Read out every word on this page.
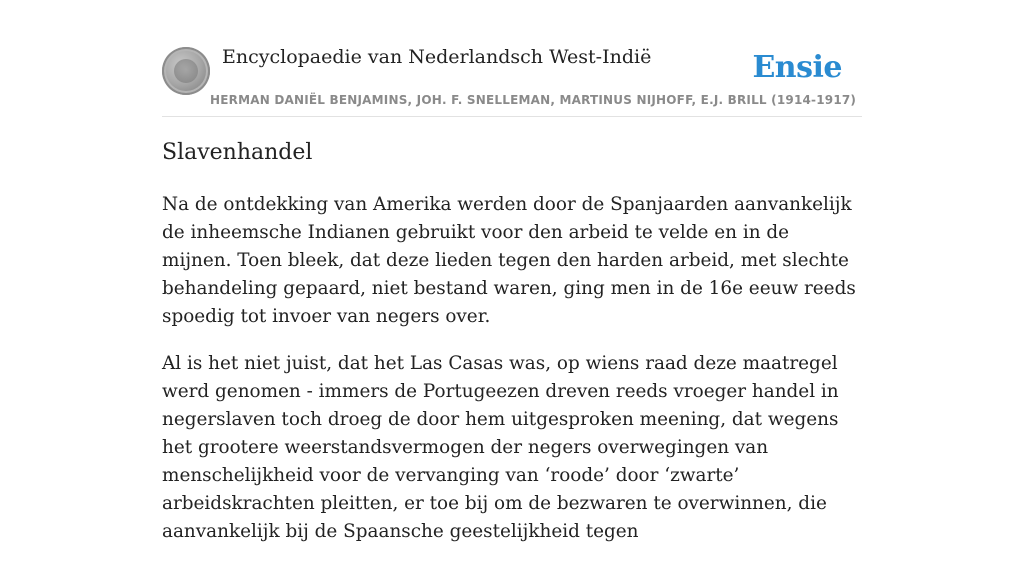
Encyclopaedie van Nederlandsch West-Indië	Ensie
HERMAN DANIËL BENJAMINS, JOH. F. SNELLEMAN, MARTINUS NIJHOFF, E.J. BRILL (1914-1917)
Slavenhandel

Na de ontdekking van Amerika werden door de Spanjaarden aanvankelijk de inheemsche Indianen gebruikt voor den arbeid te velde en in de mijnen. Toen bleek, dat deze lieden tegen den harden arbeid, met slechte behandeling gepaard, niet bestand waren, ging men in de 16e eeuw reeds spoedig tot invoer van negers over.

Al is het niet juist, dat het Las Casas was, op wiens raad deze maatregel werd genomen - immers de Portugeezen dreven reeds vroeger handel in negerslaven toch droeg de door hem uitgesproken meening, dat wegens het grootere weerstandsvermogen der negers overwegingen van menschelijkheid voor de vervanging van ‘roode’ door ‘zwarte’ arbeidskrachten pleitten, er toe bij om de bezwaren te overwinnen, die aanvankelijk bij de Spaansche geestelijkheid tegen
